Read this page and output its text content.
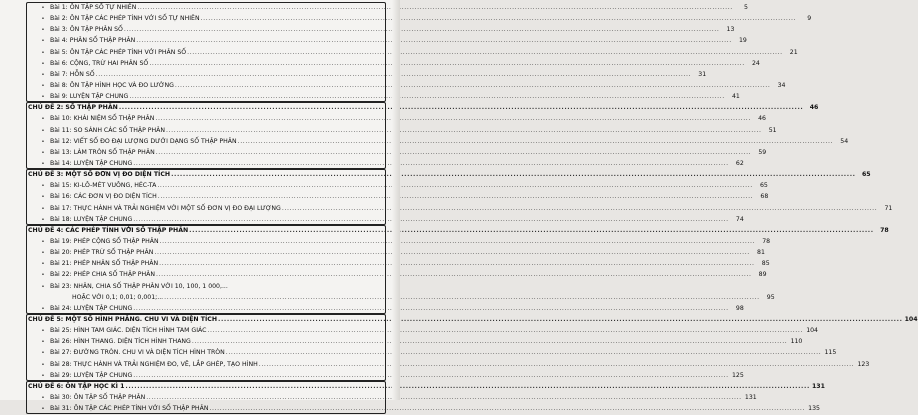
• Bài 1: ÔN TẬP SỐ TỰ NHIÊN .....	5
• Bài 2: ÔN TẬP CÁC PHÉP TÍNH VỚI SỐ TỰ NHIÊN .....	9
• Bài 3: ÔN TẬP PHÂN SỐ .....	13
• Bài 4: PHÂN SỐ THẬP PHÂN .....	19
• Bài 5: ÔN TẬP CÁC PHÉP TÍNH VỚI PHÂN SỐ .....	21
• Bài 6: CỘNG, TRỪ HAI PHÂN SỐ .....	24
• Bài 7: HỖN SỐ .....	31
• Bài 8: ÔN TẬP HÌNH HỌC VÀ ĐO LƯỜNG .....	34
• Bài 9: LUYỆN TẬP CHUNG .....	41
CHỦ ĐỀ 2: SỐ THẬP PHÂN .....	46
• Bài 10: KHÁI NIỆM SỐ THẬP PHÂN .....	46
• Bài 11: SO SÁNH CÁC SỐ THẬP PHÂN .....	51
• Bài 12: VIẾT SỐ ĐO ĐẠI LƯỢNG DƯỚI DẠNG SỐ THẬP PHÂN .....	54
• Bài 13: LÀM TRÒN SỐ THẬP PHÂN .....	59
• Bài 14: LUYỆN TẬP CHUNG .....	62
CHỦ ĐỀ 3: MỘT SỐ ĐƠN VỊ ĐO DIỆN TÍCH .....	65
• Bài 15: KI-LÔ-MÉT VUÔNG, HÉC-TA .....	65
• Bài 16: CÁC ĐƠN VỊ ĐO DIỆN TÍCH .....	68
• Bài 17: THỰC HÀNH VÀ TRẢI NGHIỆM VỚI MỘT SỐ ĐƠN VỊ ĐO ĐẠI LƯỢNG .....	71
• Bài 18: LUYỆN TẬP CHUNG .....	74
CHỦ ĐỀ 4: CÁC PHÉP TÍNH VỚI SỐ THẬP PHÂN .....	78
• Bài 19: PHÉP CỘNG SỐ THẬP PHÂN .....	78
• Bài 20: PHÉP TRỪ SỐ THẬP PHÂN .....	81
• Bài 21: PHÉP NHÂN SỐ THẬP PHÂN .....	85
• Bài 22: PHÉP CHIA SỐ THẬP PHÂN .....	89
• Bài 23: NHÂN, CHIA SỐ THẬP PHÂN VỚI 10, 100, 1 000,...
HOẶC VỚI 0,1; 0,01; 0,001;... .....	95
• Bài 24: LUYỆN TẬP CHUNG .....	98
CHỦ ĐỀ 5: MỘT SỐ HÌNH PHẲNG. CHU VI VÀ DIỆN TÍCH .....	104
• Bài 25: HÌNH TAM GIÁC. DIỆN TÍCH HÌNH TAM GIÁC .....	104
• Bài 26: HÌNH THANG. DIỆN TÍCH HÌNH THANG .....	110
• Bài 27: ĐƯỜNG TRÒN. CHU VI VÀ DIỆN TÍCH HÌNH TRÒN .....	115
• Bài 28: THỰC HÀNH VÀ TRẢI NGHIỆM ĐO, VẼ, LẮP GHÉP, TẠO HÌNH .....	123
• Bài 29: LUYỆN TẬP CHUNG .....	125
CHỦ ĐỀ 6: ÔN TẬP HỌC KÌ 1 .....	131
• Bài 30: ÔN TẬP SỐ THẬP PHÂN .....	131
• Bài 31: ÔN TẬP CÁC PHÉP TÍNH VỚI SỐ THẬP PHÂN .....	135
